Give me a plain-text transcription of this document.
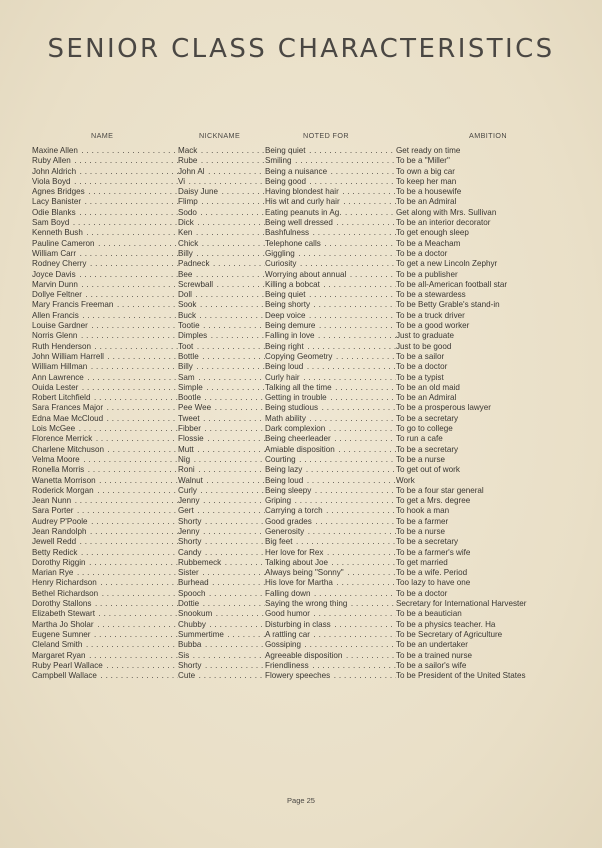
SENIOR CLASS CHARACTERISTICS
NAME	NICKNAME	NOTED FOR	AMBITION
Maxine Allen . . .	Mack . . .	Being quiet . . .	Get ready on time
Ruby Allen . . .	Rube . . .	Smiling . . .	To be a "Miller"
John Aldrich . . .	John Al . . .	Being a nuisance . . .	To own a big car
Viola Boyd . . .	Vi . . .	Being good . . .	To keep her man
Agnes Bridges . . .	Daisy June . . .	Having blondest hair . . .	To be a housewife
Lacy Banister . . .	Flimp . . .	His wit and curly hair . . .	To be an Admiral
Odie Blanks . . .	Sodo . . .	Eating peanuts in Ag. . . .	Get along with Mrs. Sullivan
Sam Boyd . . .	Dick . . .	Being well dressed . . .	To be an interior decorator
Kenneth Bush . . .	Ken . . .	Bashfulness . . .	To get enough sleep
Pauline Cameron . . .	Chick . . .	Telephone calls . . .	To be a Meacham
William Carr . . .	Billy . . .	Giggling . . .	To be a doctor
Rodney Cherry . . .	Padneck . . .	Curiosity . . .	To get a new Lincoln Zephyr
Joyce Davis . . .	Bee . . .	Worrying about annual . . .	To be a publisher
Marvin Dunn . . .	Screwball . . .	Killing a bobcat . . .	To be all-American football star
Dollye Feltner . . .	Doll . . .	Being quiet . . .	To be a stewardess
Mary Francis Freeman . . .	Sook . . .	Being shorty . . .	To be Betty Grable's stand-in
Allen Francis . . .	Buck . . .	Deep voice . . .	To be a truck driver
Louise Gardner . . .	Tootie . . .	Being demure . . .	To be a good worker
Norris Glenn . . .	Dimples . . .	Falling in love . . .	Just to graduate
Ruth Henderson . . .	Toot . . .	Being right . . .	Just to be good
John William Harrell . . .	Bottle . . .	Copying Geometry . . .	To be a sailor
William Hillman . . .	Billy . . .	Being loud . . .	To be a doctor
Ann Lawrence . . .	Sam . . .	Curly hair . . .	To be a typist
Ouida Lester . . .	Simple . . .	Talking all the time . . .	To be an old maid
Robert Litchfield . . .	Bootle . . .	Getting in trouble . . .	To be an Admiral
Sara Frances Major . . .	Pee Wee . . .	Being studious . . .	To be a prosperous lawyer
Edna Mae McCloud . . .	Tweet . . .	Math ability . . .	To be a secretary
Lois McGee . . .	Fibber . . .	Dark complexion . . .	To go to college
Florence Merrick . . .	Flossie . . .	Being cheerleader . . .	To run a cafe
Charlene Mitchuson . . .	Mutt . . .	Amiable disposition . . .	To be a secretary
Velma Moore . . .	Nig . . .	Courting . . .	To be a nurse
Ronella Morris . . .	Roni . . .	Being lazy . . .	To get out of work
Wanetta Morrison . . .	Walnut . . .	Being loud . . .	Work
Roderick Morgan . . .	Curly . . .	Being sleepy . . .	To be a four star general
Jean Nunn . . .	Jenny . . .	Griping . . .	To get a Mrs. degree
Sara Porter . . .	Gert . . .	Carrying a torch . . .	To hook a man
Audrey P'Poole . . .	Shorty . . .	Good grades . . .	To be a farmer
Jean Randolph . . .	Jenny . . .	Generosity . . .	To be a nurse
Jewell Redd . . .	Shorty . . .	Big feet . . .	To be a secretary
Betty Redick . . .	Candy . . .	Her love for Rex . . .	To be a farmer's wife
Dorothy Riggin . . .	Rubbemeck . . .	Talking about Joe . . .	To get married
Marian Rye . . .	Sister . . .	Always being "Sonny" . . .	To be a wife. Period
Henry Richardson . . .	Burhead . . .	His love for Martha . . .	Too lazy to have one
Bethel Richardson . . .	Spooch . . .	Falling down . . .	To be a doctor
Dorothy Stallons . . .	Dottie . . .	Saying the wrong thing . . .	Secretary for International Harvester
Elizabeth Stewart . . .	Snookum . . .	Good humor . . .	To be a beautician
Martha Jo Sholar . . .	Chubby . . .	Disturbing in class . . .	To be a physics teacher. Ha
Eugene Sumner . . .	Summertime . . .	A rattling car . . .	To be Secretary of Agriculture
Cleland Smith . . .	Bubba . . .	Gossiping . . .	To be an undertaker
Margaret Ryan . . .	Sis . . .	Agreeable disposition . . .	To be a trained nurse
Ruby Pearl Wallace . . .	Shorty . . .	Friendliness . . .	To be a sailor's wife
Campbell Wallace . . .	Cute . . .	Flowery speeches . . .	To be President of the United States
Page 25
